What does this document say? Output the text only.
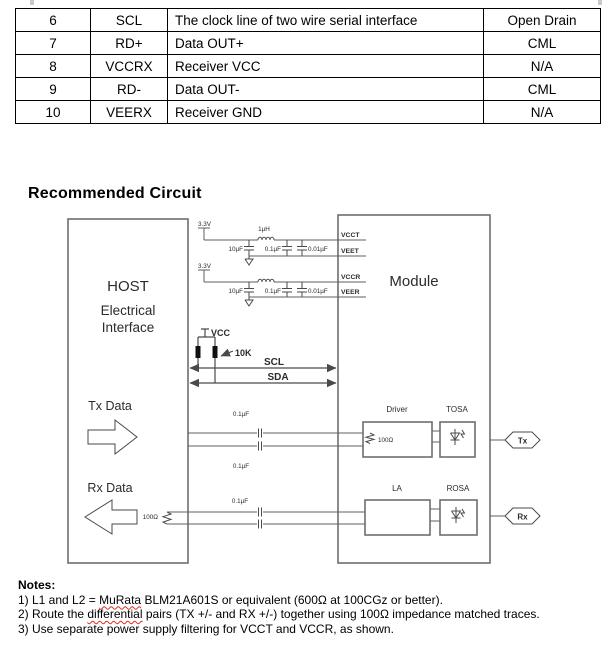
6	SCL	The clock line of two wire serial interface	Open Drain
7	RD+	Data OUT+	CML
8	VCCRX	Receiver VCC	N/A
9	RD-	Data OUT-	CML
10	VEERX	Receiver GND	N/A
Recommended Circuit
HOST
Electrical
Interface
Module
3.3V
1µH
10µF	0.1µF	0.01µF
VCCT
VEET
3.3V
10µF	0.1µF	0.01µF
VCCR
VEER
VCC
10K
SCL
SDA
Tx Data
0.1µF
0.1µF
Driver
100Ω
TOSA
Tx
Rx Data
100Ω
0.1µF
LA	ROSA
Rx
Notes:
1) L1 and L2 = MuRata BLM21A601S or equivalent (600Ω at 100CGz or better).
2) Route the differential pairs (TX +/- and RX +/-) together using 100Ω impedance matched traces.
3) Use separate power supply filtering for VCCT and VCCR, as shown.
